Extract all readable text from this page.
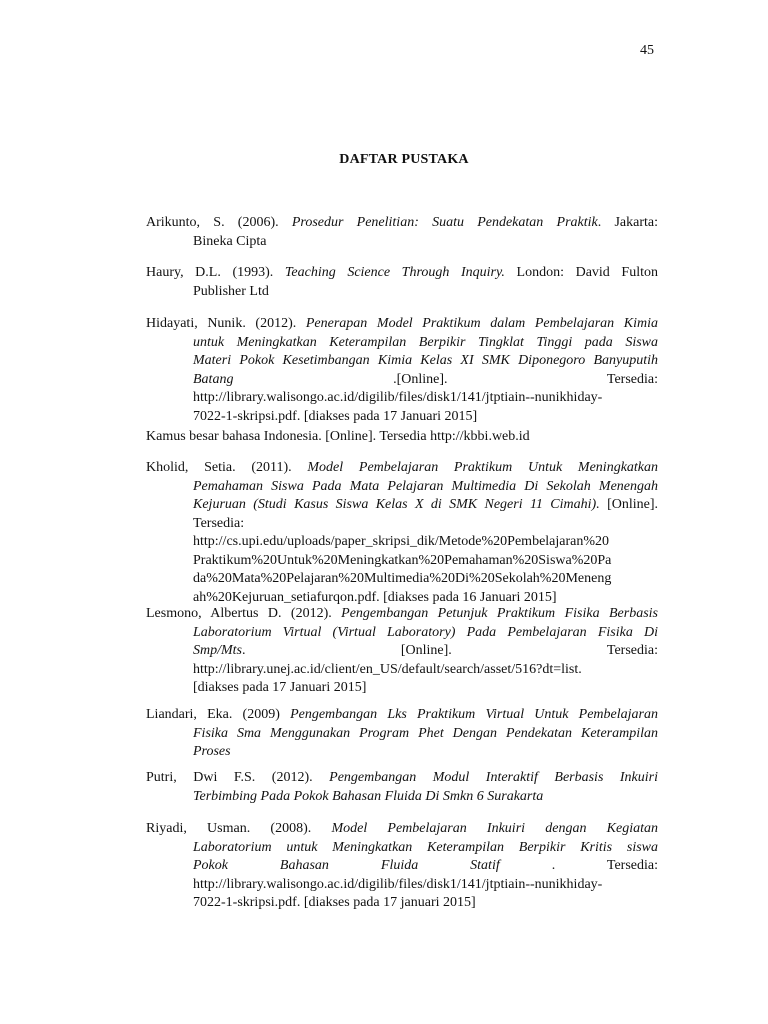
45
DAFTAR PUSTAKA
Arikunto, S. (2006). Prosedur Penelitian: Suatu Pendekatan Praktik. Jakarta:
Bineka Cipta
Haury, D.L. (1993). Teaching Science Through Inquiry. London: David Fulton
Publisher Ltd
Hidayati, Nunik. (2012). Penerapan Model Praktikum dalam Pembelajaran Kimia
untuk Meningkatkan Keterampilan Berpikir Tingklat Tinggi pada Siswa
Materi Pokok Kesetimbangan Kimia Kelas XI SMK Diponegoro Banyuputih
Batang .[Online]. Tersedia:
http://library.walisongo.ac.id/digilib/files/disk1/141/jtptiain--nunikhiday-
7022-1-skripsi.pdf. [diakses pada 17 Januari 2015]
Kamus besar bahasa Indonesia. [Online]. Tersedia http://kbbi.web.id
Kholid, Setia. (2011). Model Pembelajaran Praktikum Untuk Meningkatkan
Pemahaman Siswa Pada Mata Pelajaran Multimedia Di Sekolah Menengah
Kejuruan (Studi Kasus Siswa Kelas X di SMK Negeri 11 Cimahi). [Online].
Tersedia:
http://cs.upi.edu/uploads/paper_skripsi_dik/Metode%20Pembelajaran%20
Praktikum%20Untuk%20Meningkatkan%20Pemahaman%20Siswa%20Pa
da%20Mata%20Pelajaran%20Multimedia%20Di%20Sekolah%20Meneng
ah%20Kejuruan_setiafurqon.pdf. [diakses pada 16 Januari 2015]
Lesmono, Albertus D. (2012). Pengembangan Petunjuk Praktikum Fisika Berbasis
Laboratorium Virtual (Virtual Laboratory) Pada Pembelajaran Fisika Di
Smp/Mts. [Online]. Tersedia:
http://library.unej.ac.id/client/en_US/default/search/asset/516?dt=list.
[diakses pada 17 Januari 2015]
Liandari, Eka. (2009) Pengembangan Lks Praktikum Virtual Untuk Pembelajaran
Fisika Sma Menggunakan Program Phet Dengan Pendekatan Keterampilan
Proses
Putri, Dwi F.S. (2012). Pengembangan Modul Interaktif Berbasis Inkuiri
Terbimbing Pada Pokok Bahasan Fluida Di Smkn 6 Surakarta
Riyadi, Usman. (2008). Model Pembelajaran Inkuiri dengan Kegiatan
Laboratorium untuk Meningkatkan Keterampilan Berpikir Kritis siswa
Pokok Bahasan Fluida Statif . Tersedia:
http://library.walisongo.ac.id/digilib/files/disk1/141/jtptiain--nunikhiday-
7022-1-skripsi.pdf. [diakses pada 17 januari 2015]
